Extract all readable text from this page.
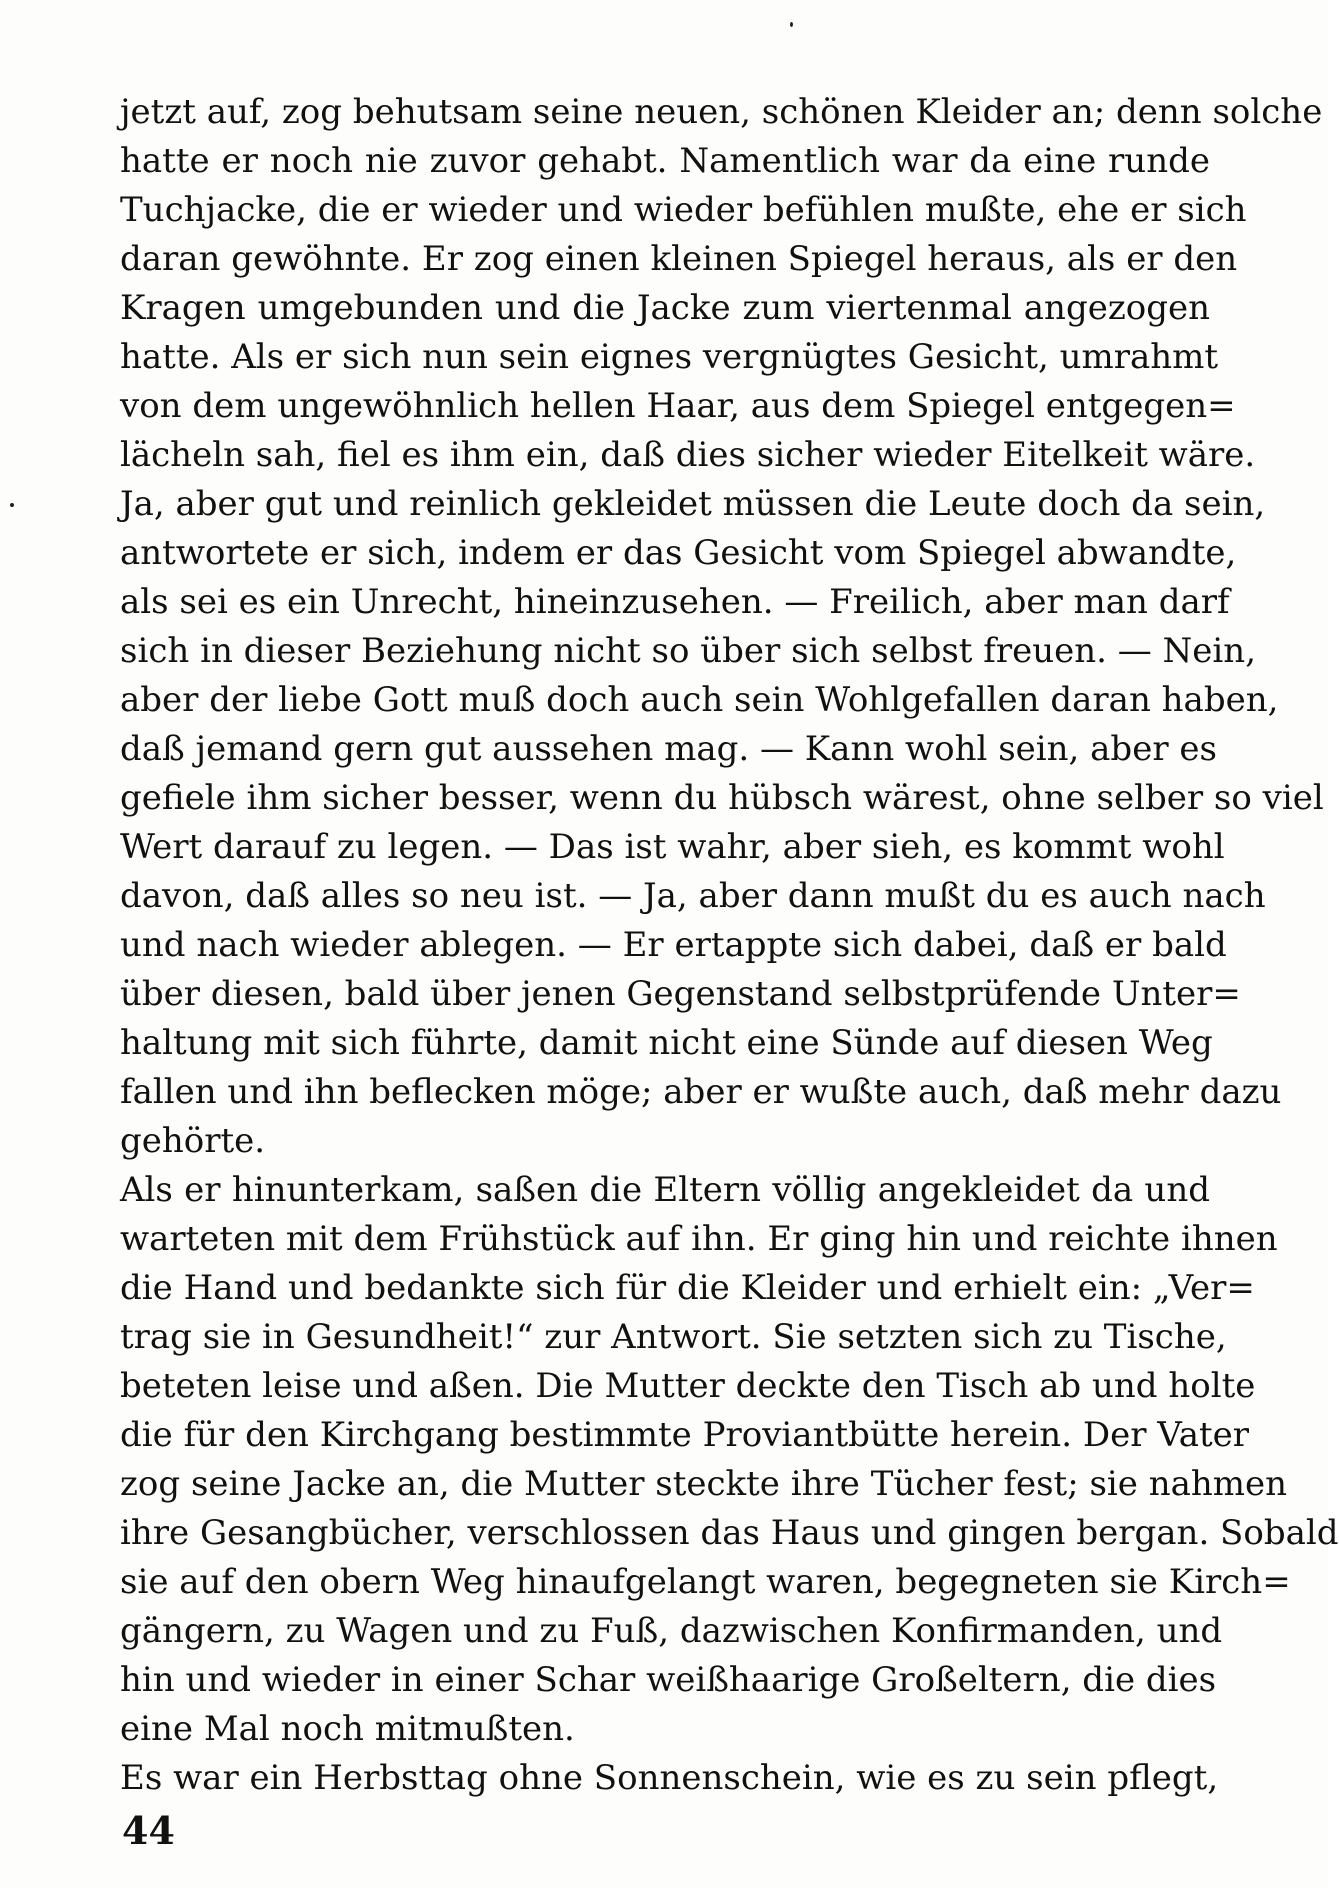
jetzt auf, zog behutsam seine neuen, schönen Kleider an; denn solche
hatte er noch nie zuvor gehabt. Namentlich war da eine runde
Tuchjacke, die er wieder und wieder befühlen mußte, ehe er sich
daran gewöhnte. Er zog einen kleinen Spiegel heraus, als er den
Kragen umgebunden und die Jacke zum viertenmal angezogen
hatte. Als er sich nun sein eignes vergnügtes Gesicht, umrahmt
von dem ungewöhnlich hellen Haar, aus dem Spiegel entgegen=
lächeln sah, fiel es ihm ein, daß dies sicher wieder Eitelkeit wäre.
Ja, aber gut und reinlich gekleidet müssen die Leute doch da sein,
antwortete er sich, indem er das Gesicht vom Spiegel abwandte,
als sei es ein Unrecht, hineinzusehen. — Freilich, aber man darf
sich in dieser Beziehung nicht so über sich selbst freuen. — Nein,
aber der liebe Gott muß doch auch sein Wohlgefallen daran haben,
daß jemand gern gut aussehen mag. — Kann wohl sein, aber es
gefiele ihm sicher besser, wenn du hübsch wärest, ohne selber so viel
Wert darauf zu legen. — Das ist wahr, aber sieh, es kommt wohl
davon, daß alles so neu ist. — Ja, aber dann mußt du es auch nach
und nach wieder ablegen. — Er ertappte sich dabei, daß er bald
über diesen, bald über jenen Gegenstand selbstprüfende Unter=
haltung mit sich führte, damit nicht eine Sünde auf diesen Weg
fallen und ihn beflecken möge; aber er wußte auch, daß mehr dazu
gehörte.
Als er hinunterkam, saßen die Eltern völlig angekleidet da und
warteten mit dem Frühstück auf ihn. Er ging hin und reichte ihnen
die Hand und bedankte sich für die Kleider und erhielt ein: „Ver=
trag sie in Gesundheit!“ zur Antwort. Sie setzten sich zu Tische,
beteten leise und aßen. Die Mutter deckte den Tisch ab und holte
die für den Kirchgang bestimmte Proviantbütte herein. Der Vater
zog seine Jacke an, die Mutter steckte ihre Tücher fest; sie nahmen
ihre Gesangbücher, verschlossen das Haus und gingen bergan. Sobald
sie auf den obern Weg hinaufgelangt waren, begegneten sie Kirch=
gängern, zu Wagen und zu Fuß, dazwischen Konfirmanden, und
hin und wieder in einer Schar weißhaarige Großeltern, die dies
eine Mal noch mitmußten.
Es war ein Herbsttag ohne Sonnenschein, wie es zu sein pflegt,
44
